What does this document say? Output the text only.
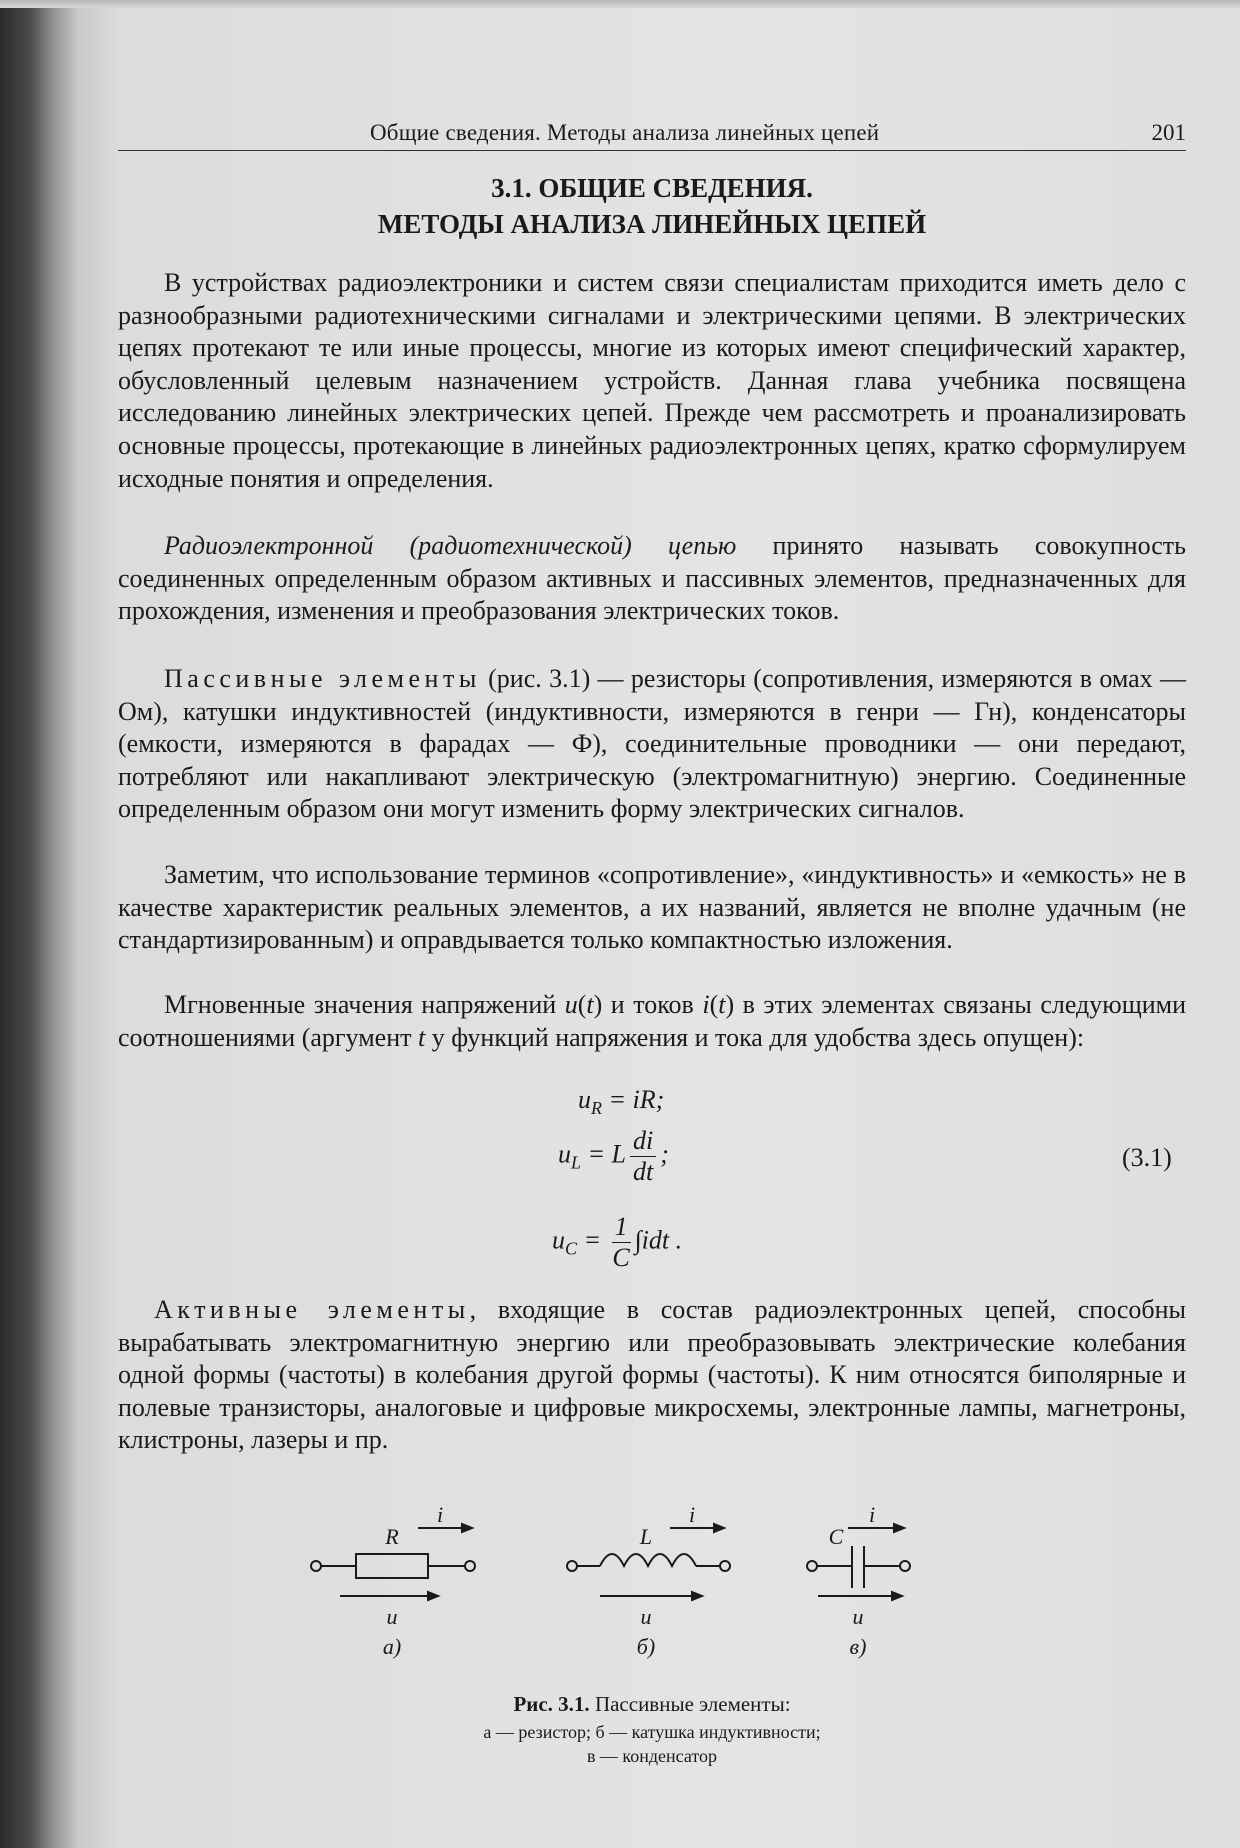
Общие сведения. Методы анализа линейных цепей	201
3.1. ОБЩИЕ СВЕДЕНИЯ.
МЕТОДЫ АНАЛИЗА ЛИНЕЙНЫХ ЦЕПЕЙ

В устройствах радиоэлектроники и систем связи специалистам приходится иметь дело с разнообразными радиотехническими сигналами и электрическими цепями. В электрических цепях протекают те или иные процессы, многие из которых имеют специфический характер, обусловленный целевым назначением устройств. Данная глава учебника посвящена исследованию линейных электрических цепей. Прежде чем рассмотреть и проанализировать основные процессы, протекающие в линейных радиоэлектронных цепях, кратко сформулируем исходные понятия и определения.

Радиоэлектронной (радиотехнической) цепью принято называть совокупность соединенных определенным образом активных и пассивных элементов, предназначенных для прохождения, изменения и преобразования электрических токов.

Пассивные элементы (рис. 3.1) — резисторы (сопротивления, измеряются в омах — Ом), катушки индуктивностей (индуктивности, измеряются в генри — Гн), конденсаторы (емкости, измеряются в фарадах — Ф), соединительные проводники — они передают, потребляют или накапливают электрическую (электромагнитную) энергию. Соединенные определенным образом они могут изменить форму электрических сигналов.

Заметим, что использование терминов «сопротивление», «индуктивность» и «емкость» не в качестве характеристик реальных элементов, а их названий, является не вполне удачным (не стандартизированным) и оправдывается только компактностью изложения.

Мгновенные значения напряжений u(t) и токов i(t) в этих элементах связаны следующими соотношениями (аргумент t у функций напряжения и тока для удобства здесь опущен):

$u_R$ = iR;
$u_L = L \frac{di}{dt}$ ;	(3.1)
$u_C = \frac{1}{C} \int idt$ .

Активные элементы, входящие в состав радиоэлектронных цепей, способны вырабатывать электромагнитную энергию или преобразовывать электрические колебания одной формы (частоты) в колебания другой формы (частоты). К ним относятся биполярные и полевые транзисторы, аналоговые и цифровые микросхемы, электронные лампы, магнетроны, клистроны, лазеры и пр.

R
i
u
а)
L
i
u
б)
C
i
u
в)
Рис. 3.1. Пассивные элементы:
а — резистор; б — катушка индуктивности;
в — конденсатор
